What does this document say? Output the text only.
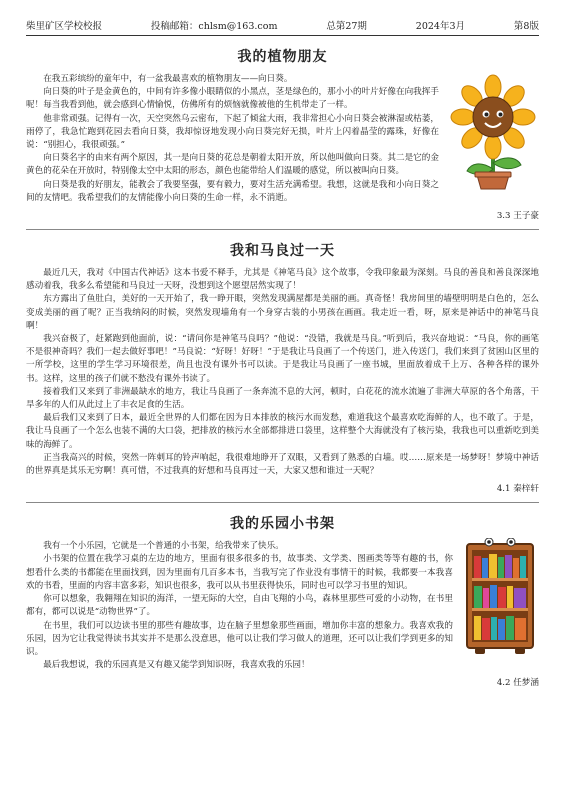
柴里矿区学校校报	投稿邮箱：chlsm@163.com	总第27期	2024年3月	第8版
我的植物朋友

在我五彩缤纷的童年中，有一盆我最喜欢的植物朋友——向日葵。

向日葵的叶子是金黄色的，中间有许多像小眼睛似的小黑点，茎是绿色的，那小小的叶片好像在向我挥手呢！每当我看到他，就会感到心情愉悦，仿佛所有的烦恼就像被他的生机带走了一样。

他非常顽强。记得有一次，天空突然乌云密布，下起了倾盆大雨，我非常担心小向日葵会被淋湿或枯萎，雨停了，我急忙跑到花园去看向日葵，我却惊讶地发现小向日葵完好无损，叶片上闪着晶莹的露珠，好像在说：“别担心，我很顽强。”

向日葵名字的由来有两个原因，其一是向日葵的花总是朝着太阳开放，所以他叫做向日葵。其二是它的金黄色的花朵在开放时，特别像太空中太阳的形态，颜色也能带给人们温暖的感觉，所以被叫向日葵。

向日葵是我的好朋友，能教会了我要坚强，要有毅力，要对生活充满希望。我想，这就是我和小向日葵之间的友情吧。我希望我们的友情能像小向日葵的生命一样，永不消逝。

3.3 王子豪
我和马良过一天

最近几天，我对《中国古代神话》这本书爱不释手，尤其是《神笔马良》这个故事，令我印象最为深刻。马良的善良和善良深深地感动着我，我多么希望能和马良过一天呀，没想到这个愿望居然实现了！

东方露出了鱼肚白，美好的一天开始了，我一睁开眼，突然发现满屋都是美丽的画。真奇怪！我房间里的墙壁明明是白色的，怎么变成美丽的画了呢？正当我纳闷的时候，突然发现墙角有一个身穿古装的小男孩在画画。我走近一看，呀，原来是神话中的神笔马良啊！

我兴奋极了，赶紧跑到他面前，说：“请问你是神笔马良吗？”他说：“没错，我就是马良。”听到后，我兴奋地说：“马良，你的画笔不是很神奇吗？我们一起去做好事吧！”马良说：“好呀！好呀！”于是我让马良画了一个传送门，进入传送门，我们来到了贫困山区里的一所学校，这里的学生学习环境很差，尚且也没有课外书可以读。于是我让马良画了一座书城，里面放着成千上万、各种各样的课外书。这样，这里的孩子们就不愁没有课外书读了。

接着我们又来到了非洲最缺水的地方，我让马良画了一条奔流不息的大河，顿时，白花花的流水流遍了非洲大草原的各个角落，干旱多年的人们从此过上了丰衣足食的生活。

最后我们又来到了日本，最近全世界的人们都在因为日本排放的核污水而发愁，难道我这个最喜欢吃海鲜的人，也不敢了。于是，我让马良画了一个怎么也装不满的大口袋，把排放的核污水全部都排进口袋里，这样整个大海就没有了核污染，我我也可以重新吃到美味的海鲜了。

正当我高兴的时候，突然一阵刺耳的铃声响起，我很难地睁开了双眼，又看到了熟悉的白墙。哎……原来是一场梦呀！梦境中神话的世界真是其乐无穷啊！真可惜，不过我真的好想和马良再过一天，大家又想和谁过一天呢？

4.1 秦梓轩
我的乐园小书架

我有一个小乐园，它就是一个普通的小书架，给我带来了快乐。

小书架的位置在我学习桌的左边的地方，里面有很多很多的书，故事类、文学类、图画类等等有趣的书，你想看什么类的书都能在里面找到，因为里面有几百多本书，当我写完了作业没有事情干的时候，我都要一本我喜欢的书看，里面的内容丰富多彩，知识也很多，我可以从书里获得快乐，同时也可以学习书里的知识。

你可以想象，我翱翔在知识的海洋，一望无际的大空，自由飞翔的小鸟，森林里那些可爱的小动物，在书里都有，都可以说是“动物世界”了。

在书里，我们可以边读书里的那些有趣故事，边在脑子里想象那些画面，增加你丰富的想象力。我喜欢我的乐园，因为它让我觉得读书其实并不是那么没意思，他可以让我们学习做人的道理，还可以让我们学到更多的知识。

最后我想说，我的乐园真是又有趣又能学到知识呀，我喜欢我的乐园！

4.2 任梦涵
